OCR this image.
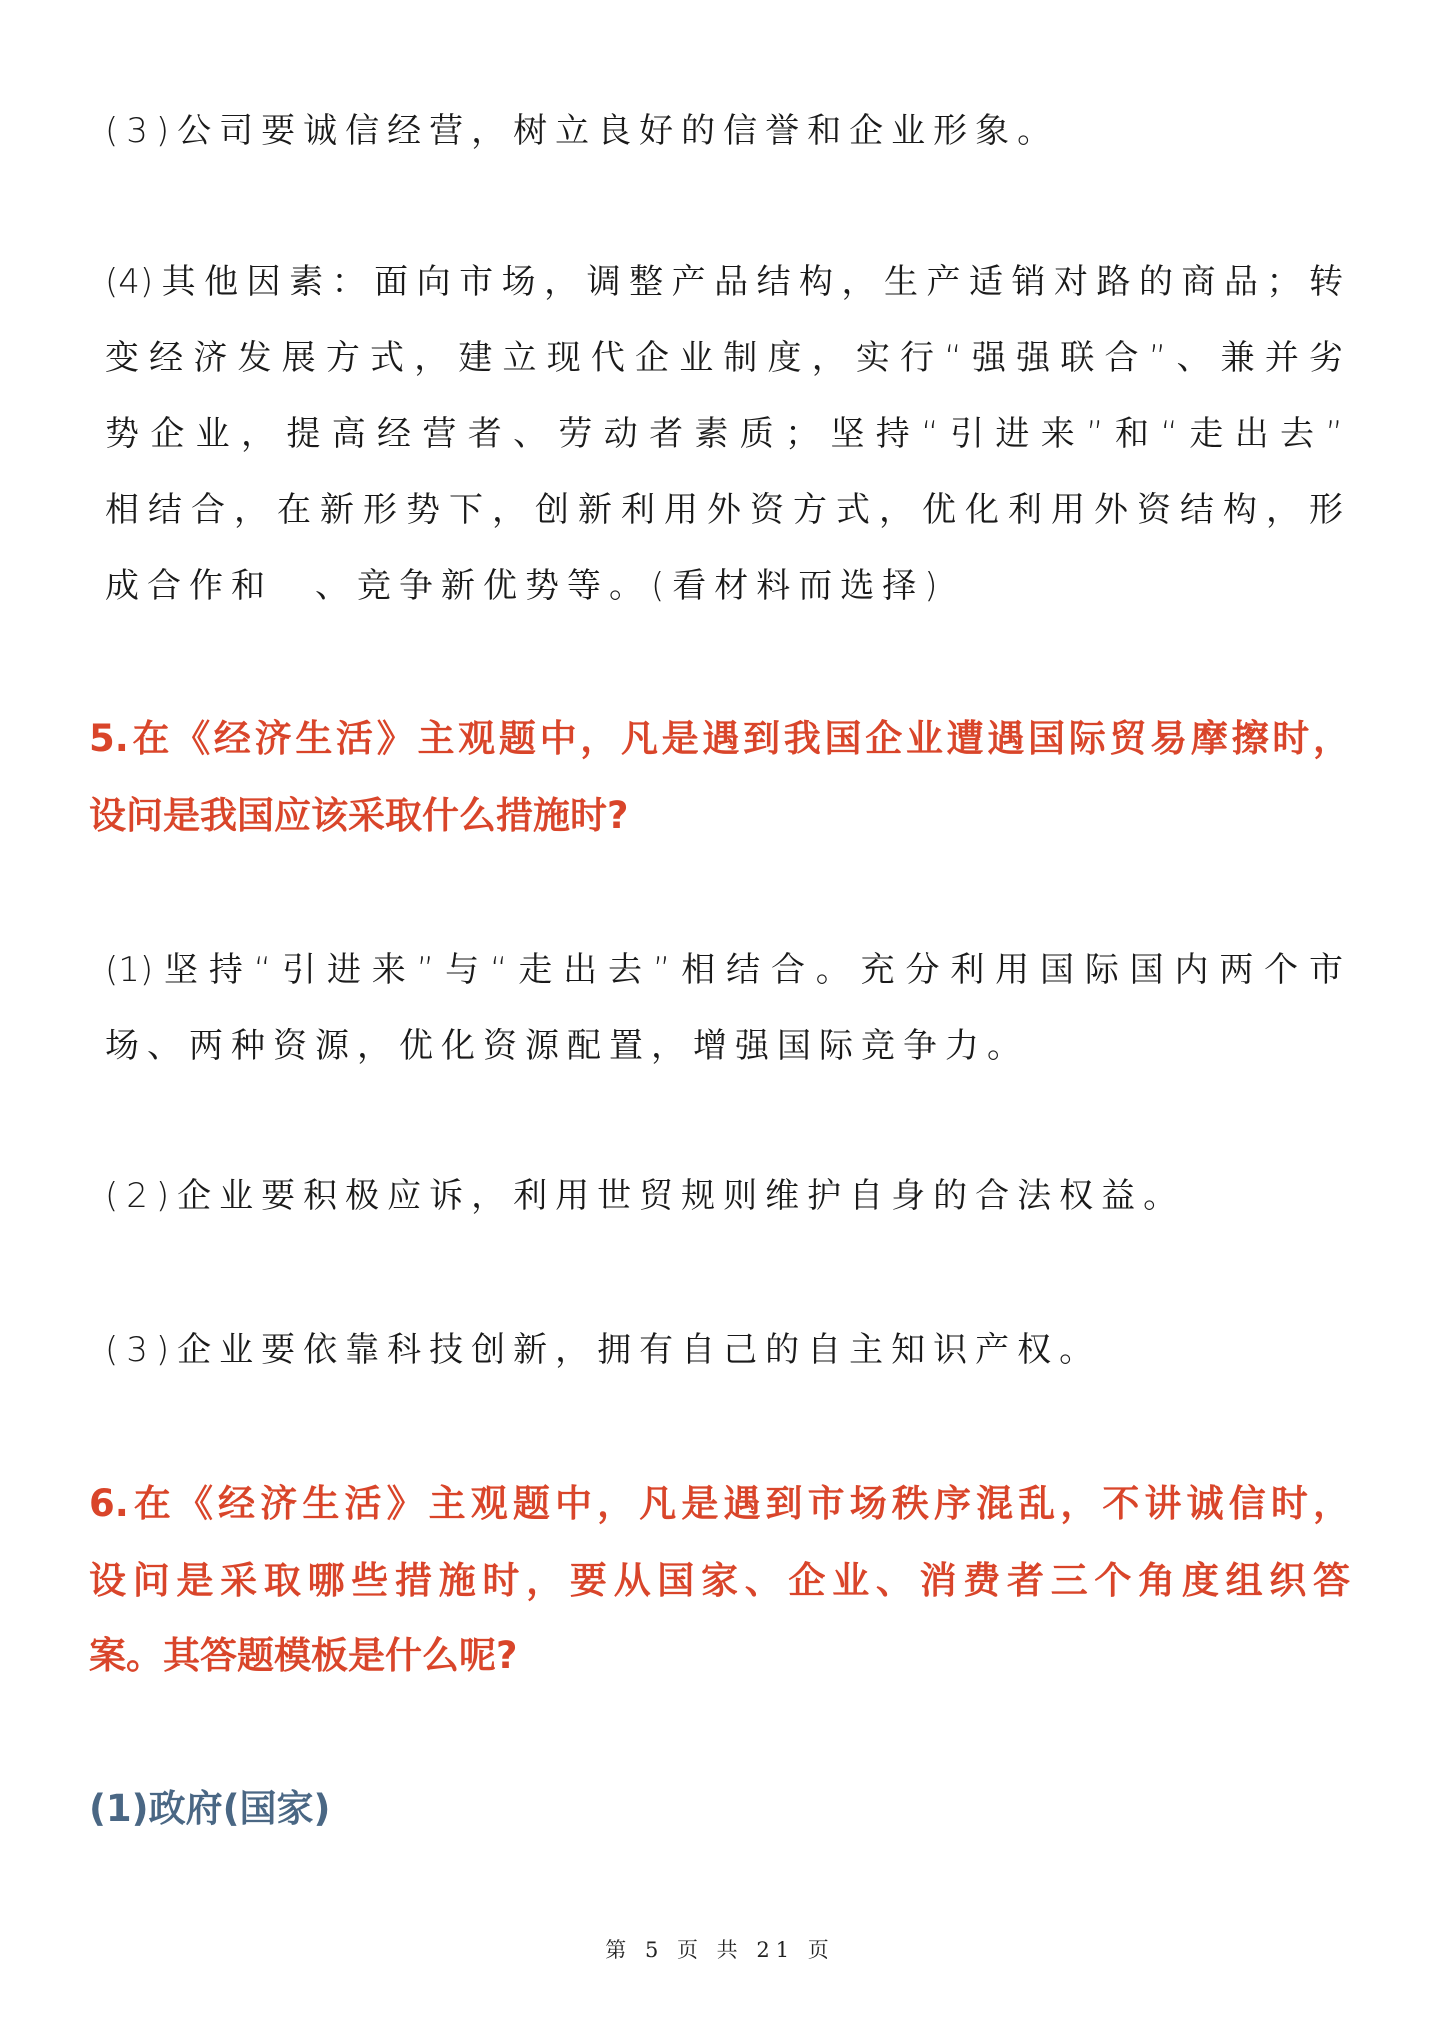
(3)公司要诚信经营，树立良好的信誉和企业形象。
(4)其他因素：面向市场，调整产品结构，生产适销对路的商品；转
变经济发展方式，建立现代企业制度，实行“强强联合”、兼并劣
势企业，提高经营者、劳动者素质；坚持“引进来”和“走出去”
相结合，在新形势下，创新利用外资方式，优化利用外资结构，形
成合作和　、竞争新优势等。(看材料而选择)
5.在《经济生活》主观题中，凡是遇到我国企业遭遇国际贸易摩擦时，
设问是我国应该采取什么措施时?
(1)坚持“引进来”与“走出去”相结合。充分利用国际国内两个市
场、两种资源，优化资源配置，增强国际竞争力。
(2)企业要积极应诉，利用世贸规则维护自身的合法权益。
(3)企业要依靠科技创新，拥有自己的自主知识产权。
6.在《经济生活》主观题中，凡是遇到市场秩序混乱，不讲诚信时，
设问是采取哪些措施时，要从国家、企业、消费者三个角度组织答
案。其答题模板是什么呢?
(1)政府(国家)
第 5 页 共 21 页
